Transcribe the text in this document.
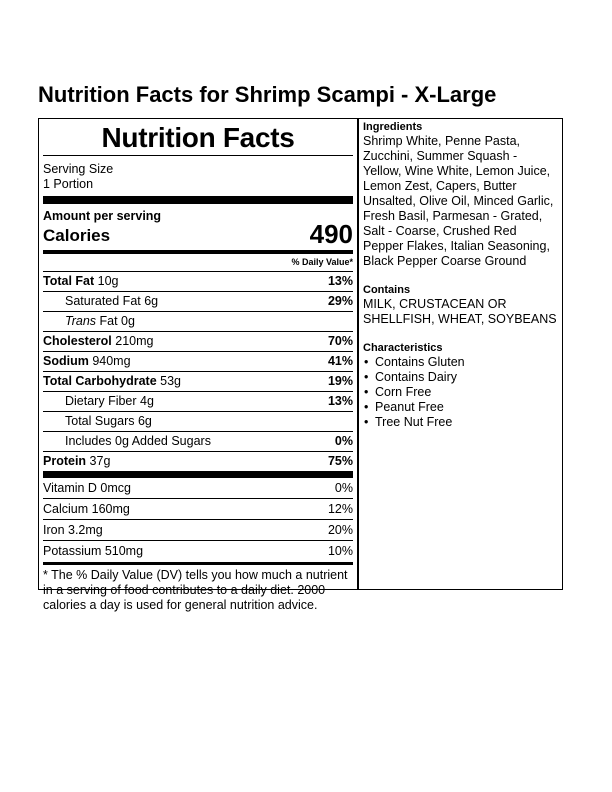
Nutrition Facts for Shrimp Scampi - X-Large
Nutrition Facts
Serving Size
1 Portion
Amount per serving
Calories	490
% Daily Value*
Total Fat 10g	13%
Saturated Fat 6g	29%
Trans Fat 0g
Cholesterol 210mg	70%
Sodium 940mg	41%
Total Carbohydrate 53g	19%
Dietary Fiber 4g	13%
Total Sugars 6g
Includes 0g Added Sugars	0%
Protein 37g	75%
Vitamin D 0mcg	0%
Calcium 160mg	12%
Iron 3.2mg	20%
Potassium 510mg	10%
* The % Daily Value (DV) tells you how much a nutrient in a serving of food contributes to a daily diet. 2000 calories a day is used for general nutrition advice.
Ingredients
Shrimp White, Penne Pasta, Zucchini, Summer Squash - Yellow, Wine White, Lemon Juice, Lemon Zest, Capers, Butter Unsalted, Olive Oil, Minced Garlic, Fresh Basil, Parmesan - Grated, Salt - Coarse, Crushed Red Pepper Flakes, Italian Seasoning, Black Pepper Coarse Ground
Contains
MILK, CRUSTACEAN OR SHELLFISH, WHEAT, SOYBEANS
Characteristics
• Contains Gluten
• Contains Dairy
• Corn Free
• Peanut Free
• Tree Nut Free
